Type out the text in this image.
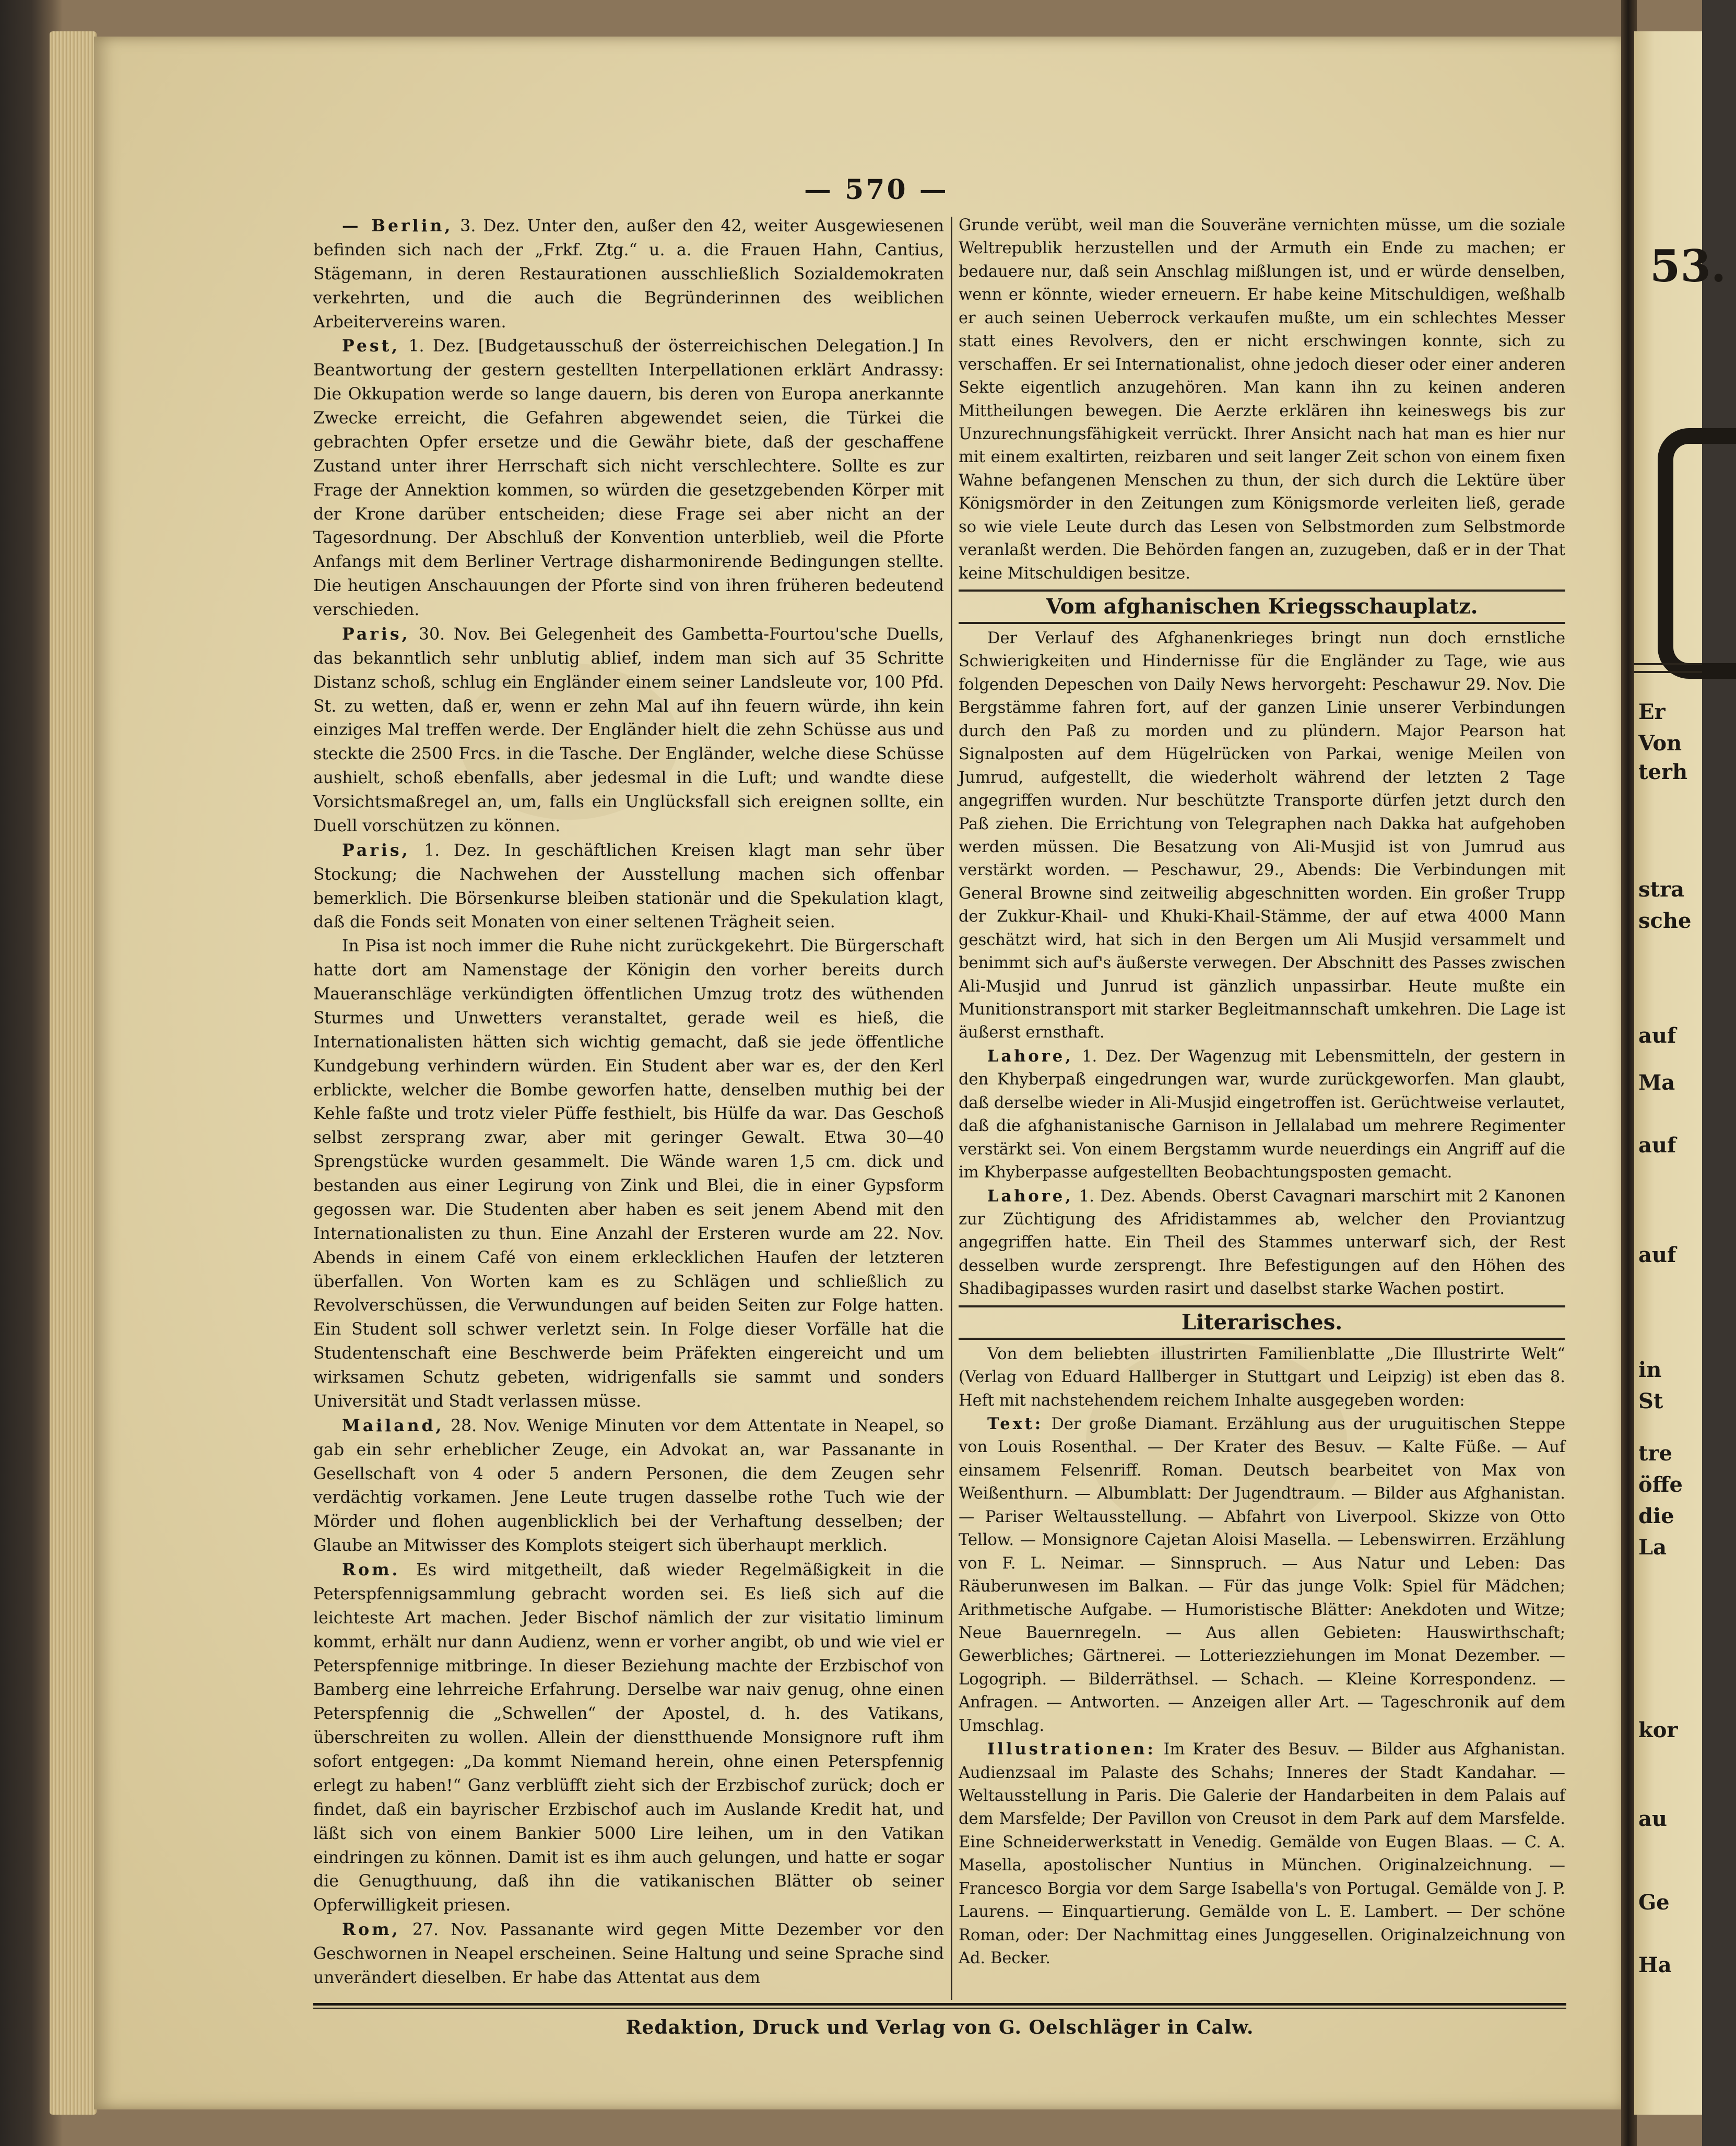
— 570 —

— Berlin, 3. Dez. Unter den, außer den 42, weiter Ausgewiesenen befinden sich nach der „Frkf. Ztg.“ u. a. die Frauen Hahn, Cantius, Stägemann, in deren Restaurationen ausschließlich Sozialdemokraten verkehrten, und die auch die Begründerinnen des weiblichen Arbeitervereins waren.

Pest, 1. Dez. [Budgetausschuß der österreichischen Delegation.] In Beantwortung der gestern gestellten Interpellationen erklärt Andrassy: Die Okkupation werde so lange dauern, bis deren von Europa anerkannte Zwecke erreicht, die Gefahren abgewendet seien, die Türkei die gebrachten Opfer ersetze und die Gewähr biete, daß der geschaffene Zustand unter ihrer Herrschaft sich nicht verschlechtere. Sollte es zur Frage der Annektion kommen, so würden die gesetzgebenden Körper mit der Krone darüber entscheiden; diese Frage sei aber nicht an der Tagesordnung. Der Abschluß der Konvention unterblieb, weil die Pforte Anfangs mit dem Berliner Vertrage disharmonirende Bedingungen stellte. Die heutigen Anschauungen der Pforte sind von ihren früheren bedeutend verschieden.

Paris, 30. Nov. Bei Gelegenheit des Gambetta-Fourtou'sche Duells, das bekanntlich sehr unblutig ablief, indem man sich auf 35 Schritte Distanz schoß, schlug ein Engländer einem seiner Landsleute vor, 100 Pfd. St. zu wetten, daß er, wenn er zehn Mal auf ihn feuern würde, ihn kein einziges Mal treffen werde. Der Engländer hielt die zehn Schüsse aus und steckte die 2500 Frcs. in die Tasche. Der Engländer, welche diese Schüsse aushielt, schoß ebenfalls, aber jedesmal in die Luft; und wandte diese Vorsichtsmaßregel an, um, falls ein Unglücksfall sich ereignen sollte, ein Duell vorschützen zu können.

Paris, 1. Dez. In geschäftlichen Kreisen klagt man sehr über Stockung; die Nachwehen der Ausstellung machen sich offenbar bemerklich. Die Börsenkurse bleiben stationär und die Spekulation klagt, daß die Fonds seit Monaten von einer seltenen Trägheit seien.

In Pisa ist noch immer die Ruhe nicht zurückgekehrt. Die Bürgerschaft hatte dort am Namenstage der Königin den vorher bereits durch Maueranschläge verkündigten öffentlichen Umzug trotz des wüthenden Sturmes und Unwetters veranstaltet, gerade weil es hieß, die Internationalisten hätten sich wichtig gemacht, daß sie jede öffentliche Kundgebung verhindern würden. Ein Student aber war es, der den Kerl erblickte, welcher die Bombe geworfen hatte, denselben muthig bei der Kehle faßte und trotz vieler Püffe festhielt, bis Hülfe da war. Das Geschoß selbst zersprang zwar, aber mit geringer Gewalt. Etwa 30—40 Sprengstücke wurden gesammelt. Die Wände waren 1,5 cm. dick und bestanden aus einer Legirung von Zink und Blei, die in einer Gypsform gegossen war. Die Studenten aber haben es seit jenem Abend mit den Internationalisten zu thun. Eine Anzahl der Ersteren wurde am 22. Nov. Abends in einem Café von einem erklecklichen Haufen der letzteren überfallen. Von Worten kam es zu Schlägen und schließlich zu Revolverschüssen, die Verwundungen auf beiden Seiten zur Folge hatten. Ein Student soll schwer verletzt sein. In Folge dieser Vorfälle hat die Studentenschaft eine Beschwerde beim Präfekten eingereicht und um wirksamen Schutz gebeten, widrigenfalls sie sammt und sonders Universität und Stadt verlassen müsse.

Mailand, 28. Nov. Wenige Minuten vor dem Attentate in Neapel, so gab ein sehr erheblicher Zeuge, ein Advokat an, war Passanante in Gesellschaft von 4 oder 5 andern Personen, die dem Zeugen sehr verdächtig vorkamen. Jene Leute trugen dasselbe rothe Tuch wie der Mörder und flohen augenblicklich bei der Verhaftung desselben; der Glaube an Mitwisser des Komplots steigert sich überhaupt merklich.

Rom. Es wird mitgetheilt, daß wieder Regelmäßigkeit in die Peterspfennigsammlung gebracht worden sei. Es ließ sich auf die leichteste Art machen. Jeder Bischof nämlich der zur visitatio liminum kommt, erhält nur dann Audienz, wenn er vorher angibt, ob und wie viel er Peterspfennige mitbringe. In dieser Beziehung machte der Erzbischof von Bamberg eine lehrreiche Erfahrung. Derselbe war naiv genug, ohne einen Peterspfennig die „Schwellen“ der Apostel, d. h. des Vatikans, überschreiten zu wollen. Allein der dienstthuende Monsignore ruft ihm sofort entgegen: „Da kommt Niemand herein, ohne einen Peterspfennig erlegt zu haben!“ Ganz verblüfft zieht sich der Erzbischof zurück; doch er findet, daß ein bayrischer Erzbischof auch im Auslande Kredit hat, und läßt sich von einem Bankier 5000 Lire leihen, um in den Vatikan eindringen zu können. Damit ist es ihm auch gelungen, und hatte er sogar die Genugthuung, daß ihn die vatikanischen Blätter ob seiner Opferwilligkeit priesen.

Rom, 27. Nov. Passanante wird gegen Mitte Dezember vor den Geschwornen in Neapel erscheinen. Seine Haltung und seine Sprache sind unverändert dieselben. Er habe das Attentat aus dem

Grunde verübt, weil man die Souveräne vernichten müsse, um die soziale Weltrepublik herzustellen und der Armuth ein Ende zu machen; er bedauere nur, daß sein Anschlag mißlungen ist, und er würde denselben, wenn er könnte, wieder erneuern. Er habe keine Mitschuldigen, weßhalb er auch seinen Ueberrock verkaufen mußte, um ein schlechtes Messer statt eines Revolvers, den er nicht erschwingen konnte, sich zu verschaffen. Er sei Internationalist, ohne jedoch dieser oder einer anderen Sekte eigentlich anzugehören. Man kann ihn zu keinen anderen Mittheilungen bewegen. Die Aerzte erklären ihn keineswegs bis zur Unzurechnungsfähigkeit verrückt. Ihrer Ansicht nach hat man es hier nur mit einem exaltirten, reizbaren und seit langer Zeit schon von einem fixen Wahne befangenen Menschen zu thun, der sich durch die Lektüre über Königsmörder in den Zeitungen zum Königsmorde verleiten ließ, gerade so wie viele Leute durch das Lesen von Selbstmorden zum Selbstmorde veranlaßt werden. Die Behörden fangen an, zuzugeben, daß er in der That keine Mitschuldigen besitze.

Vom afghanischen Kriegsschauplatz.

Der Verlauf des Afghanenkrieges bringt nun doch ernstliche Schwierigkeiten und Hindernisse für die Engländer zu Tage, wie aus folgenden Depeschen von Daily News hervorgeht: Peschawur 29. Nov. Die Bergstämme fahren fort, auf der ganzen Linie unserer Verbindungen durch den Paß zu morden und zu plündern. Major Pearson hat Signalposten auf dem Hügelrücken von Parkai, wenige Meilen von Jumrud, aufgestellt, die wiederholt während der letzten 2 Tage angegriffen wurden. Nur beschützte Transporte dürfen jetzt durch den Paß ziehen. Die Errichtung von Telegraphen nach Dakka hat aufgehoben werden müssen. Die Besatzung von Ali-Musjid ist von Jumrud aus verstärkt worden. — Peschawur, 29., Abends: Die Verbindungen mit General Browne sind zeitweilig abgeschnitten worden. Ein großer Trupp der Zukkur-Khail- und Khuki-Khail-Stämme, der auf etwa 4000 Mann geschätzt wird, hat sich in den Bergen um Ali Musjid versammelt und benimmt sich auf's äußerste verwegen. Der Abschnitt des Passes zwischen Ali-Musjid und Junrud ist gänzlich unpassirbar. Heute mußte ein Munitionstransport mit starker Begleitmannschaft umkehren. Die Lage ist äußerst ernsthaft.

Lahore, 1. Dez. Der Wagenzug mit Lebensmitteln, der gestern in den Khyberpaß eingedrungen war, wurde zurückgeworfen. Man glaubt, daß derselbe wieder in Ali-Musjid eingetroffen ist. Gerüchtweise verlautet, daß die afghanistanische Garnison in Jellalabad um mehrere Regimenter verstärkt sei. Von einem Bergstamm wurde neuerdings ein Angriff auf die im Khyberpasse aufgestellten Beobachtungsposten gemacht.

Lahore, 1. Dez. Abends. Oberst Cavagnari marschirt mit 2 Kanonen zur Züchtigung des Afridistammes ab, welcher den Proviantzug angegriffen hatte. Ein Theil des Stammes unterwarf sich, der Rest desselben wurde zersprengt. Ihre Befestigungen auf den Höhen des Shadibagipasses wurden rasirt und daselbst starke Wachen postirt.

Literarisches.

Von dem beliebten illustrirten Familienblatte „Die Illustrirte Welt“ (Verlag von Eduard Hallberger in Stuttgart und Leipzig) ist eben das 8. Heft mit nachstehendem reichem Inhalte ausgegeben worden:

Text: Der große Diamant. Erzählung aus der uruguitischen Steppe von Louis Rosenthal. — Der Krater des Besuv. — Kalte Füße. — Auf einsamem Felsenriff. Roman. Deutsch bearbeitet von Max von Weißenthurn. — Albumblatt: Der Jugendtraum. — Bilder aus Afghanistan. — Pariser Weltausstellung. — Abfahrt von Liverpool. Skizze von Otto Tellow. — Monsignore Cajetan Aloisi Masella. — Lebenswirren. Erzählung von F. L. Neimar. — Sinnspruch. — Aus Natur und Leben: Das Räuberunwesen im Balkan. — Für das junge Volk: Spiel für Mädchen; Arithmetische Aufgabe. — Humoristische Blätter: Anekdoten und Witze; Neue Bauernregeln. — Aus allen Gebieten: Hauswirthschaft; Gewerbliches; Gärtnerei. — Lotteriezziehungen im Monat Dezember. — Logogriph. — Bilderräthsel. — Schach. — Kleine Korrespondenz. — Anfragen. — Antworten. — Anzeigen aller Art. — Tageschronik auf dem Umschlag.

Illustrationen: Im Krater des Besuv. — Bilder aus Afghanistan. Audienzsaal im Palaste des Schahs; Inneres der Stadt Kandahar. — Weltausstellung in Paris. Die Galerie der Handarbeiten in dem Palais auf dem Marsfelde; Der Pavillon von Creusot in dem Park auf dem Marsfelde. Eine Schneiderwerkstatt in Venedig. Gemälde von Eugen Blaas. — C. A. Masella, apostolischer Nuntius in München. Originalzeichnung. — Francesco Borgia vor dem Sarge Isabella's von Portugal. Gemälde von J. P. Laurens. — Einquartierung. Gemälde von L. E. Lambert. — Der schöne Roman, oder: Der Nachmittag eines Junggesellen. Originalzeichnung von Ad. Becker.

Redaktion, Druck und Verlag von G. Oelschläger in Calw.
53.
Er
Von
terh
stra
sche
auf
Ma
auf
auf
in
St
tre
öffe
die
La
kor
au
Ge
Ha
